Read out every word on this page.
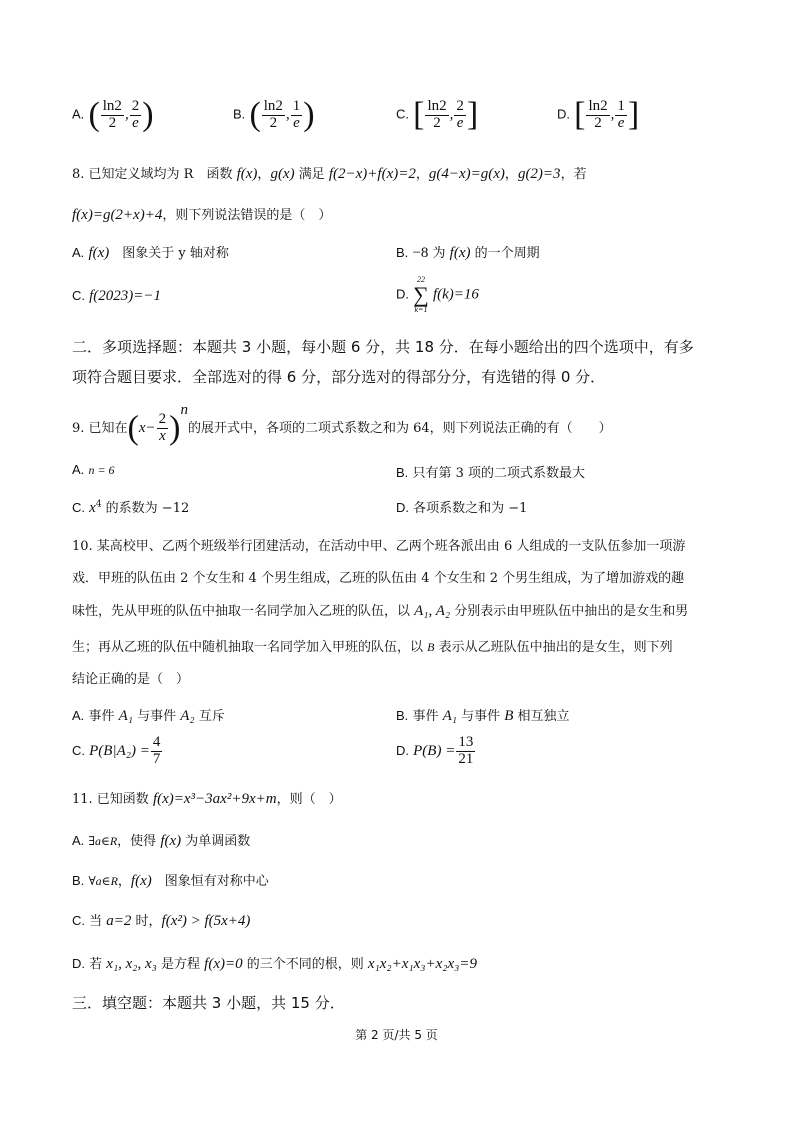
A. ( $\frac{\ln 2}{2}$ , $\frac{2}{e}$ )	B. ( $\frac{\ln 2}{2}$ , $\frac{1}{e}$ )	C. [ $\frac{\ln 2}{2}$ , $\frac{2}{e}$ ]	D. [ $\frac{\ln 2}{2}$ , $\frac{1}{e}$ ]
8. 已知定义域均为 R　函数 f(x)，g(x) 满足 f(2−x)+f(x)=2，g(4−x)=g(x)，g(2)=3，若
f(x)=g(2+x)+4，则下列说法错误的是（　）
A. f(x)　图象关于 y 轴对称	B. −8 为 f(x) 的一个周期
C. f(2023)=−1	D.
22
∑
k=1
f(k)=16
二．多项选择题：本题共 3 小题，每小题 6 分，共 18 分．在每小题给出的四个选项中，有多
项符合题目要求．全部选对的得 6 分，部分选对的得部分分，有选错的得 0 分．
9. 已知在$(x- \frac{2}{x} )^n$的展开式中，各项的二项式系数之和为 64，则下列说法正确的有（　　）
A. n = 6	B. 只有第 3 项的二项式系数最大
C. $x^4$ 的系数为 −12	D. 各项系数之和为 −1
10. 某高校甲、乙两个班级举行团建活动，在活动中甲、乙两个班各派出由 6 人组成的一支队伍参加一项游
戏．甲班的队伍由 2 个女生和 4 个男生组成，乙班的队伍由 4 个女生和 2 个男生组成，为了增加游戏的趣
味性，先从甲班的队伍中抽取一名同学加入乙班的队伍，以 A₁, A₂ 分别表示由甲班队伍中抽出的是女生和男
生；再从乙班的队伍中随机抽取一名同学加入甲班的队伍，以 B 表示从乙班队伍中抽出的是女生，则下列
结论正确的是（　）
A. 事件 A₁ 与事件 A₂ 互斥	B. 事件 A₁ 与事件 B 相互独立
C. $P(B|A_2) = \frac{4}{7}$	D. $P(B) = \frac{13}{21}$
11. 已知函数 f(x)=x³−3ax²+9x+m，则（　）
A. ∃a∈R，使得 f(x) 为单调函数
B. ∀a∈R，f(x)　图象恒有对称中心
C. 当 a=2 时，f(x²) > f(5x+4)
D. 若 x₁, x₂, x₃ 是方程 f(x)=0 的三个不同的根，则 x₁x₂+x₁x₃+x₂x₃=9
三．填空题：本题共 3 小题，共 15 分．
第 2 页/共 5 页
